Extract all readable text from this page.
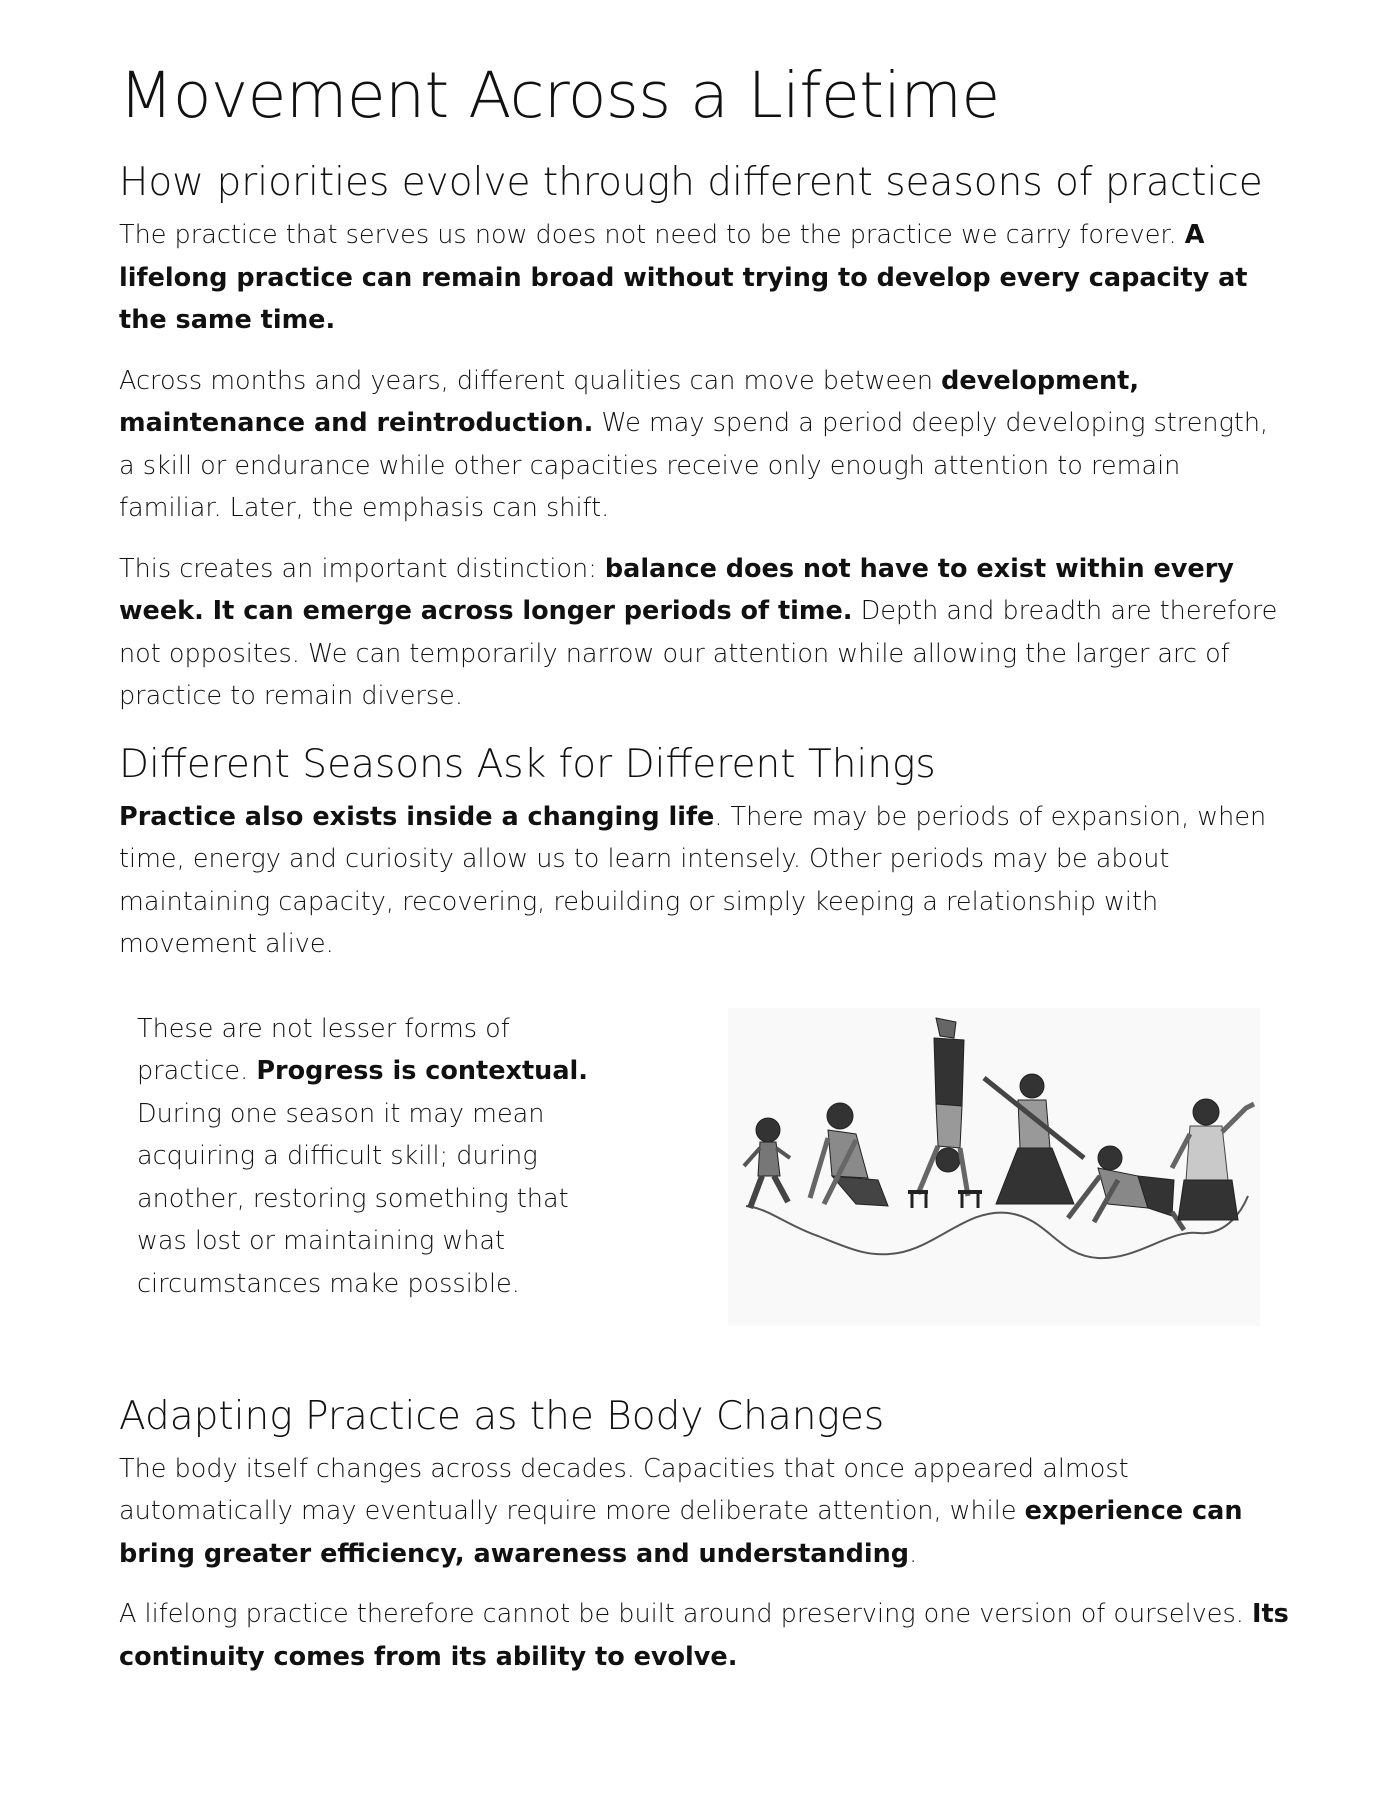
Movement Across a Lifetime
How priorities evolve through different seasons of practice

The practice that serves us now does not need to be the practice we carry forever. A lifelong practice can remain broad without trying to develop every capacity at the same time.

Across months and years, different qualities can move between development, maintenance and reintroduction. We may spend a period deeply developing strength, a skill or endurance while other capacities receive only enough attention to remain familiar. Later, the emphasis can shift.

This creates an important distinction: balance does not have to exist within every week. It can emerge across longer periods of time. Depth and breadth are therefore not opposites. We can temporarily narrow our attention while allowing the larger arc of practice to remain diverse.

Different Seasons Ask for Different Things

Practice also exists inside a changing life. There may be periods of expansion, when time, energy and curiosity allow us to learn intensely. Other periods may be about maintaining capacity, recovering, rebuilding or simply keeping a relationship with movement alive.

These are not lesser forms of practice. Progress is contextual. During one season it may mean acquiring a difficult skill; during another, restoring something that was lost or maintaining what circumstances make possible.

Adapting Practice as the Body Changes

The body itself changes across decades. Capacities that once appeared almost automatically may eventually require more deliberate attention, while experience can bring greater efficiency, awareness and understanding.

A lifelong practice therefore cannot be built around preserving one version of ourselves. Its continuity comes from its ability to evolve.
